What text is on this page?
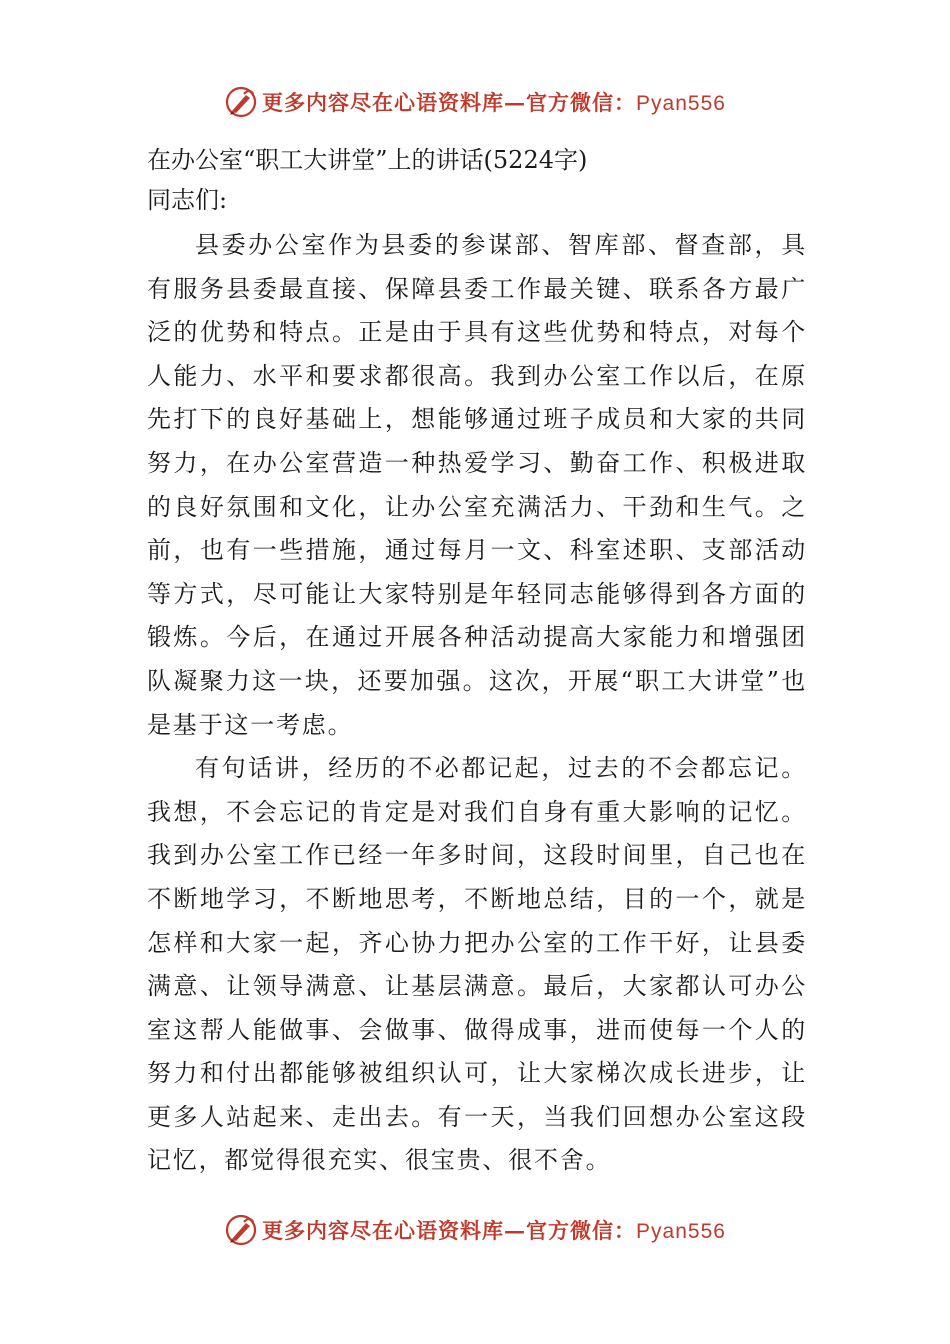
更多内容尽在心语资料库—官方微信：Pyan556
在办公室“职工大讲堂”上的讲话(5224字)

同志们:

县委办公室作为县委的参谋部、智库部、督查部，具有服务县委最直接、保障县委工作最关键、联系各方最广泛的优势和特点。正是由于具有这些优势和特点，对每个人能力、水平和要求都很高。我到办公室工作以后，在原先打下的良好基础上，想能够通过班子成员和大家的共同努力，在办公室营造一种热爱学习、勤奋工作、积极进取的良好氛围和文化，让办公室充满活力、干劲和生气。之前，也有一些措施，通过每月一文、科室述职、支部活动等方式，尽可能让大家特别是年轻同志能够得到各方面的锻炼。今后，在通过开展各种活动提高大家能力和增强团队凝聚力这一块，还要加强。这次，开展“职工大讲堂”也是基于这一考虑。

有句话讲，经历的不必都记起，过去的不会都忘记。我想，不会忘记的肯定是对我们自身有重大影响的记忆。我到办公室工作已经一年多时间，这段时间里，自己也在不断地学习，不断地思考，不断地总结，目的一个，就是怎样和大家一起，齐心协力把办公室的工作干好，让县委满意、让领导满意、让基层满意。最后，大家都认可办公室这帮人能做事、会做事、做得成事，进而使每一个人的努力和付出都能够被组织认可，让大家梯次成长进步，让更多人站起来、走出去。有一天，当我们回想办公室这段记忆，都觉得很充实、很宝贵、很不舍。

更多内容尽在心语资料库—官方微信：Pyan556
